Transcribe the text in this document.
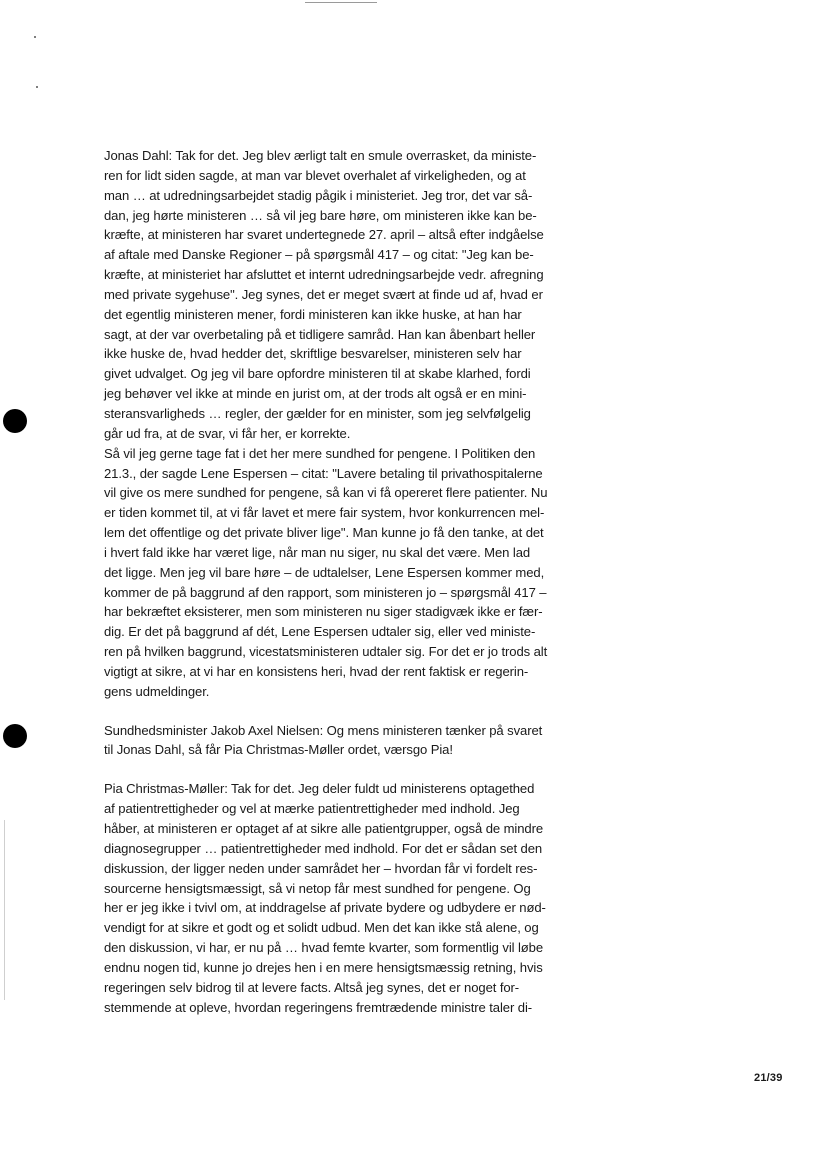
Jonas Dahl: Tak for det. Jeg blev ærligt talt en smule overrasket, da ministe-
ren for lidt siden sagde, at man var blevet overhalet af virkeligheden, og at
man … at udredningsarbejdet stadig pågik i ministeriet. Jeg tror, det var så-
dan, jeg hørte ministeren … så vil jeg bare høre, om ministeren ikke kan be-
kræfte, at ministeren har svaret undertegnede 27. april – altså efter indgåelse
af aftale med Danske Regioner – på spørgsmål 417 – og citat: "Jeg kan be-
kræfte, at ministeriet har afsluttet et internt udredningsarbejde vedr. afregning
med private sygehuse". Jeg synes, det er meget svært at finde ud af, hvad er
det egentlig ministeren mener, fordi ministeren kan ikke huske, at han har
sagt, at der var overbetaling på et tidligere samråd. Han kan åbenbart heller
ikke huske de, hvad hedder det, skriftlige besvarelser, ministeren selv har
givet udvalget. Og jeg vil bare opfordre ministeren til at skabe klarhed, fordi
jeg behøver vel ikke at minde en jurist om, at der trods alt også er en mini-
steransvarligheds … regler, der gælder for en minister, som jeg selvfølgelig
går ud fra, at de svar, vi får her, er korrekte.
Så vil jeg gerne tage fat i det her mere sundhed for pengene. I Politiken den
21.3., der sagde Lene Espersen – citat: "Lavere betaling til privathospitalerne
vil give os mere sundhed for pengene, så kan vi få opereret flere patienter. Nu
er tiden kommet til, at vi får lavet et mere fair system, hvor konkurrencen mel-
lem det offentlige og det private bliver lige". Man kunne jo få den tanke, at det
i hvert fald ikke har været lige, når man nu siger, nu skal det være. Men lad
det ligge. Men jeg vil bare høre – de udtalelser, Lene Espersen kommer med,
kommer de på baggrund af den rapport, som ministeren jo – spørgsmål 417 –
har bekræftet eksisterer, men som ministeren nu siger stadigvæk ikke er fær-
dig. Er det på baggrund af dét, Lene Espersen udtaler sig, eller ved ministe-
ren på hvilken baggrund, vicestatsministeren udtaler sig. For det er jo trods alt
vigtigt at sikre, at vi har en konsistens heri, hvad der rent faktisk er regerin-
gens udmeldinger.

Sundhedsminister Jakob Axel Nielsen: Og mens ministeren tænker på svaret
til Jonas Dahl, så får Pia Christmas-Møller ordet, værsgo Pia!

Pia Christmas-Møller: Tak for det. Jeg deler fuldt ud ministerens optagethed
af patientrettigheder og vel at mærke patientrettigheder med indhold. Jeg
håber, at ministeren er optaget af at sikre alle patientgrupper, også de mindre
diagnosegrupper … patientrettigheder med indhold. For det er sådan set den
diskussion, der ligger neden under samrådet her – hvordan får vi fordelt res-
sourcerne hensigtsmæssigt, så vi netop får mest sundhed for pengene. Og
her er jeg ikke i tvivl om, at inddragelse af private bydere og udbydere er nød-
vendigt for at sikre et godt og et solidt udbud. Men det kan ikke stå alene, og
den diskussion, vi har, er nu på … hvad femte kvarter, som formentlig vil løbe
endnu nogen tid, kunne jo drejes hen i en mere hensigtsmæssig retning, hvis
regeringen selv bidrog til at levere facts. Altså jeg synes, det er noget for-
stemmende at opleve, hvordan regeringens fremtrædende ministre taler di-

21/39
